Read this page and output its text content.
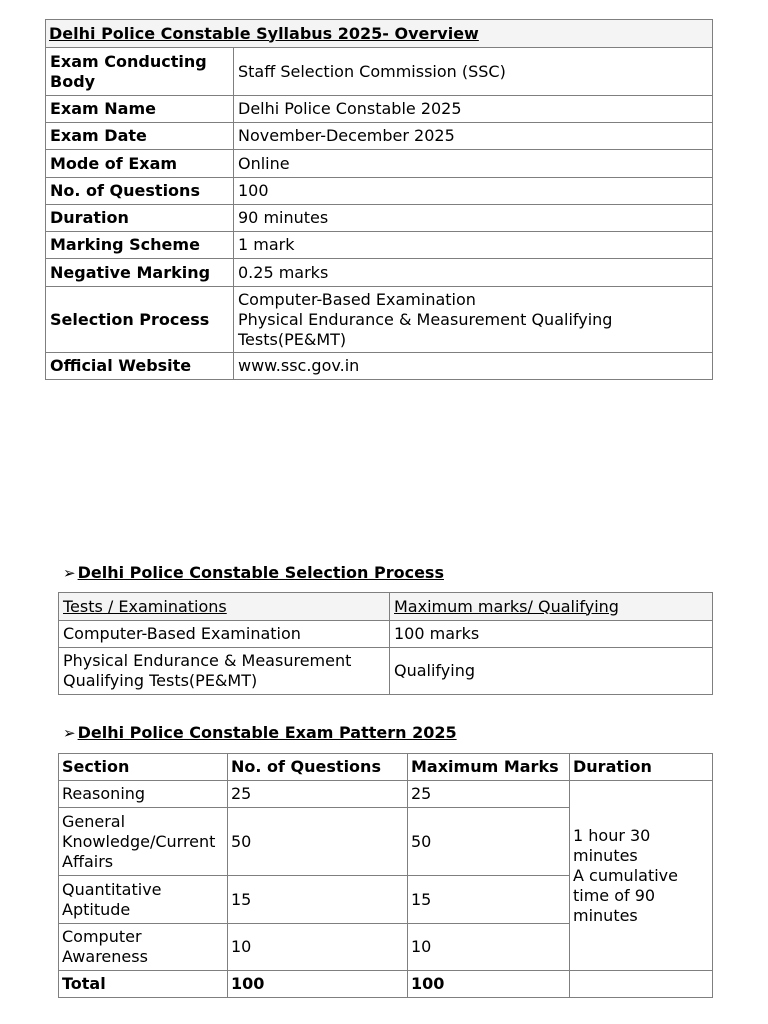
Delhi Police Constable Syllabus 2025- Overview	
Exam Conducting
Body	Staff Selection Commission (SSC)
Exam Name	Delhi Police Constable 2025
Exam Date	November-December 2025
Mode of Exam	Online
No. of Questions	100
Duration	90 minutes
Marking Scheme	1 mark
Negative Marking	0.25 marks
Selection Process	Computer-Based Examination
Physical Endurance & Measurement Qualifying
Tests(PE&MT)

Official Website	www.ssc.gov.in
➢ Delhi Police Constable Selection Process
Tests / Examinations	Maximum marks/ Qualifying
Computer-Based Examination	100 marks

Physical Endurance & Measurement
Qualifying Tests(PE&MT)	Qualifying
➢ Delhi Police Constable Exam Pattern 2025
Section	No. of Questions	Maximum Marks	Duration
Reasoning	25	25	1 hour 30
minutes
A cumulative
time of 90
minutes

General
Knowledge/Current
Affairs	50	50	

Quantitative
Aptitude	15	15	

Computer
Awareness	10	10	
Total	100	100	
